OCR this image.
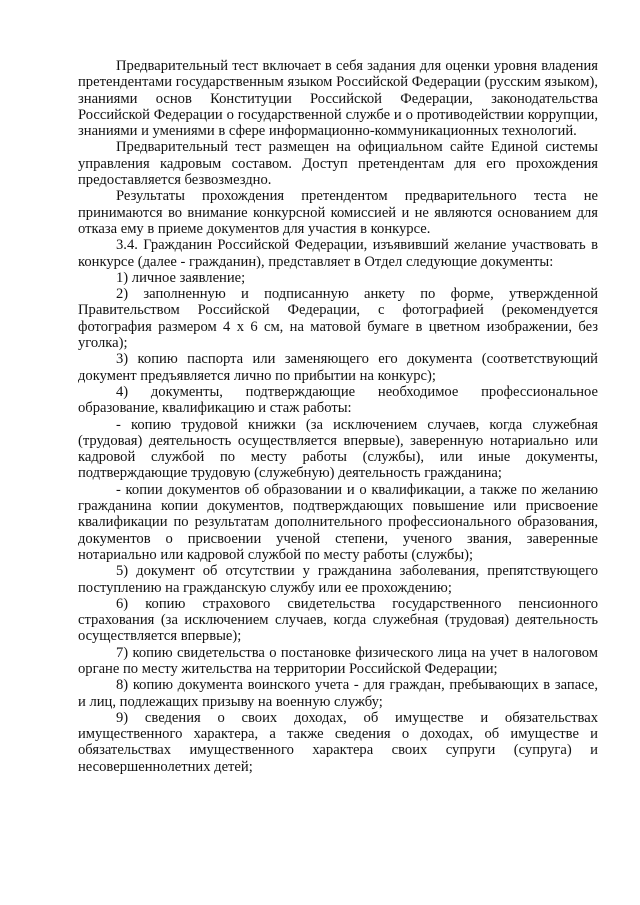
Предварительный тест включает в себя задания для оценки уровня владения претендентами государственным языком Российской Федерации (русским языком), знаниями основ Конституции Российской Федерации, законодательства Российской Федерации о государственной службе и о противодействии коррупции, знаниями и умениями в сфере информационно-коммуникационных технологий.

Предварительный тест размещен на официальном сайте Единой системы управления кадровым составом. Доступ претендентам для его прохождения предоставляется безвозмездно.

Результаты прохождения претендентом предварительного теста не принимаются во внимание конкурсной комиссией и не являются основанием для отказа ему в приеме документов для участия в конкурсе.

3.4. Гражданин Российской Федерации, изъявивший желание участвовать в конкурсе (далее - гражданин), представляет в Отдел следующие документы:

1) личное заявление;

2) заполненную и подписанную анкету по форме, утвержденной Правительством Российской Федерации, с фотографией (рекомендуется фотография размером 4 х 6 см, на матовой бумаге в цветном изображении, без уголка);

3) копию паспорта или заменяющего его документа (соответствующий документ предъявляется лично по прибытии на конкурс);

4) документы, подтверждающие необходимое профессиональное образование, квалификацию и стаж работы:

- копию трудовой книжки (за исключением случаев, когда служебная (трудовая) деятельность осуществляется впервые), заверенную нотариально или кадровой службой по месту работы (службы), или иные документы, подтверждающие трудовую (служебную) деятельность гражданина;

- копии документов об образовании и о квалификации, а также по желанию гражданина копии документов, подтверждающих повышение или присвоение квалификации по результатам дополнительного профессионального образования, документов о присвоении ученой степени, ученого звания, заверенные нотариально или кадровой службой по месту работы (службы);

5) документ об отсутствии у гражданина заболевания, препятствующего поступлению на гражданскую службу или ее прохождению;

6) копию страхового свидетельства государственного пенсионного страхования (за исключением случаев, когда служебная (трудовая) деятельность осуществляется впервые);

7) копию свидетельства о постановке физического лица на учет в налоговом органе по месту жительства на территории Российской Федерации;

8) копию документа воинского учета - для граждан, пребывающих в запасе, и лиц, подлежащих призыву на военную службу;

9) сведения о своих доходах, об имуществе и обязательствах имущественного характера, а также сведения о доходах, об имуществе и обязательствах имущественного характера своих супруги (супруга) и несовершеннолетних детей;
